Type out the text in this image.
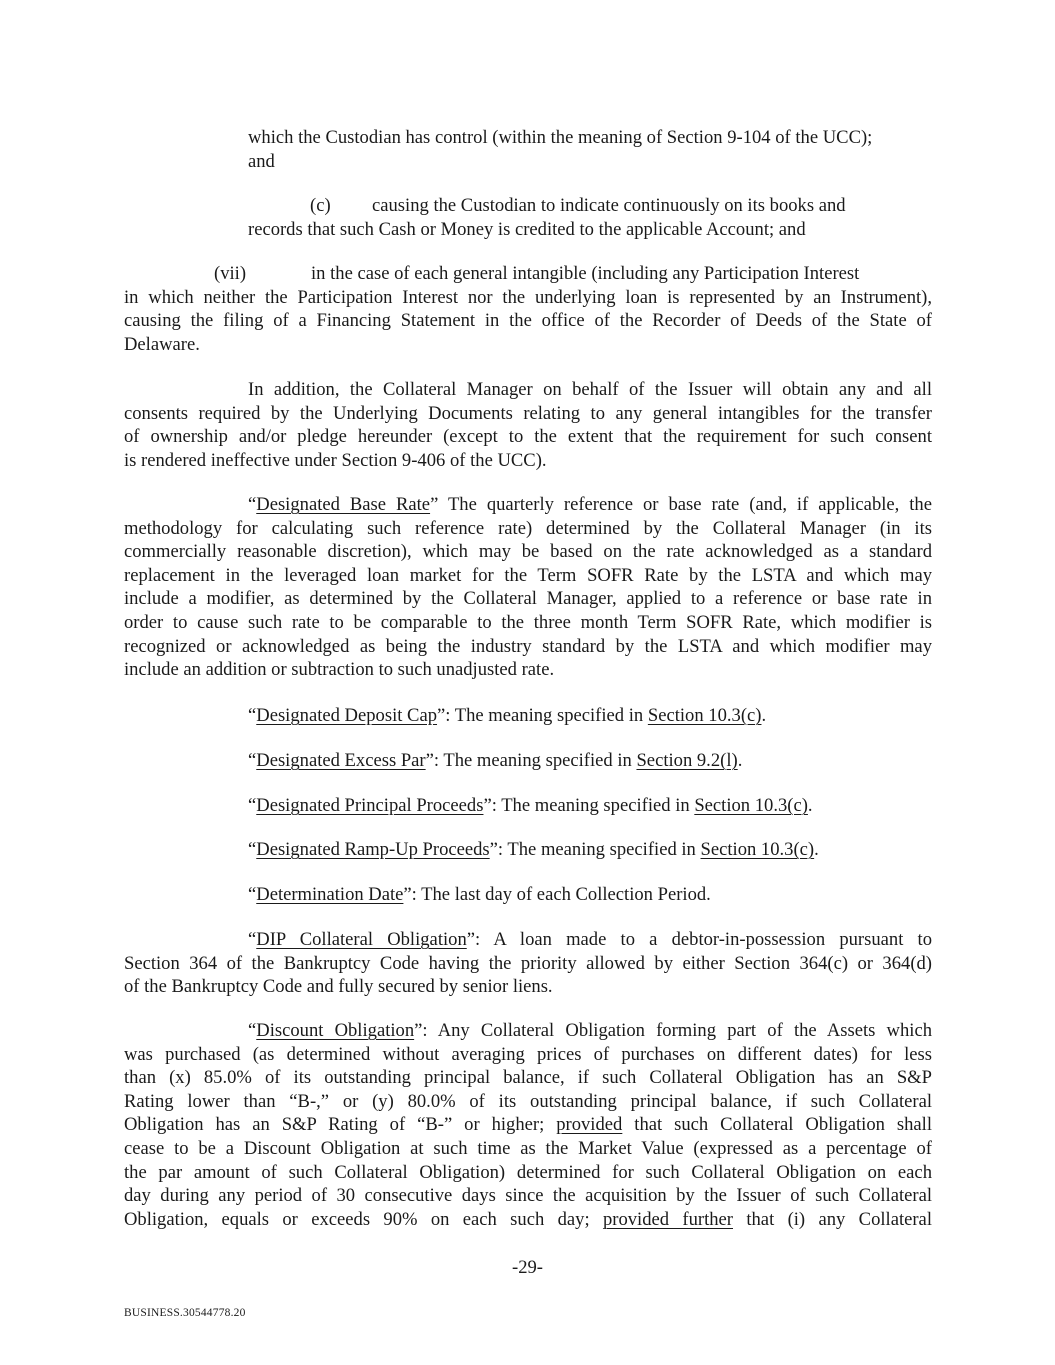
which the Custodian has control (within the meaning of Section 9-104 of the UCC);
and
(c) causing the Custodian to indicate continuously on its books and
records that such Cash or Money is credited to the applicable Account; and
(vii)	in the case of each general intangible (including any Participation Interest
in which neither the Participation Interest nor the underlying loan is represented by an Instrument),
causing the filing of a Financing Statement in the office of the Recorder of Deeds of the State of
Delaware.
In addition, the Collateral Manager on behalf of the Issuer will obtain any and all
consents required by the Underlying Documents relating to any general intangibles for the transfer
of ownership and/or pledge hereunder (except to the extent that the requirement for such consent
is rendered ineffective under Section 9-406 of the UCC).
“Designated Base Rate” The quarterly reference or base rate (and, if applicable, the
methodology for calculating such reference rate) determined by the Collateral Manager (in its
commercially reasonable discretion), which may be based on the rate acknowledged as a standard
replacement in the leveraged loan market for the Term SOFR Rate by the LSTA and which may
include a modifier, as determined by the Collateral Manager, applied to a reference or base rate in
order to cause such rate to be comparable to the three month Term SOFR Rate, which modifier is
recognized or acknowledged as being the industry standard by the LSTA and which modifier may
include an addition or subtraction to such unadjusted rate.
“Designated Deposit Cap”: The meaning specified in Section 10.3(c).
“Designated Excess Par”: The meaning specified in Section 9.2(l).
“Designated Principal Proceeds”: The meaning specified in Section 10.3(c).
“Designated Ramp-Up Proceeds”: The meaning specified in Section 10.3(c).
“Determination Date”: The last day of each Collection Period.
“DIP Collateral Obligation”: A loan made to a debtor-in-possession pursuant to
Section 364 of the Bankruptcy Code having the priority allowed by either Section 364(c) or 364(d)
of the Bankruptcy Code and fully secured by senior liens.
“Discount Obligation”: Any Collateral Obligation forming part of the Assets which
was purchased (as determined without averaging prices of purchases on different dates) for less
than (x) 85.0% of its outstanding principal balance, if such Collateral Obligation has an S&P
Rating lower than “B-,” or (y) 80.0% of its outstanding principal balance, if such Collateral
Obligation has an S&P Rating of “B-” or higher; provided that such Collateral Obligation shall
cease to be a Discount Obligation at such time as the Market Value (expressed as a percentage of
the par amount of such Collateral Obligation) determined for such Collateral Obligation on each
day during any period of 30 consecutive days since the acquisition by the Issuer of such Collateral
Obligation, equals or exceeds 90% on each such day; provided further that (i) any Collateral
-29-
BUSINESS.30544778.20
